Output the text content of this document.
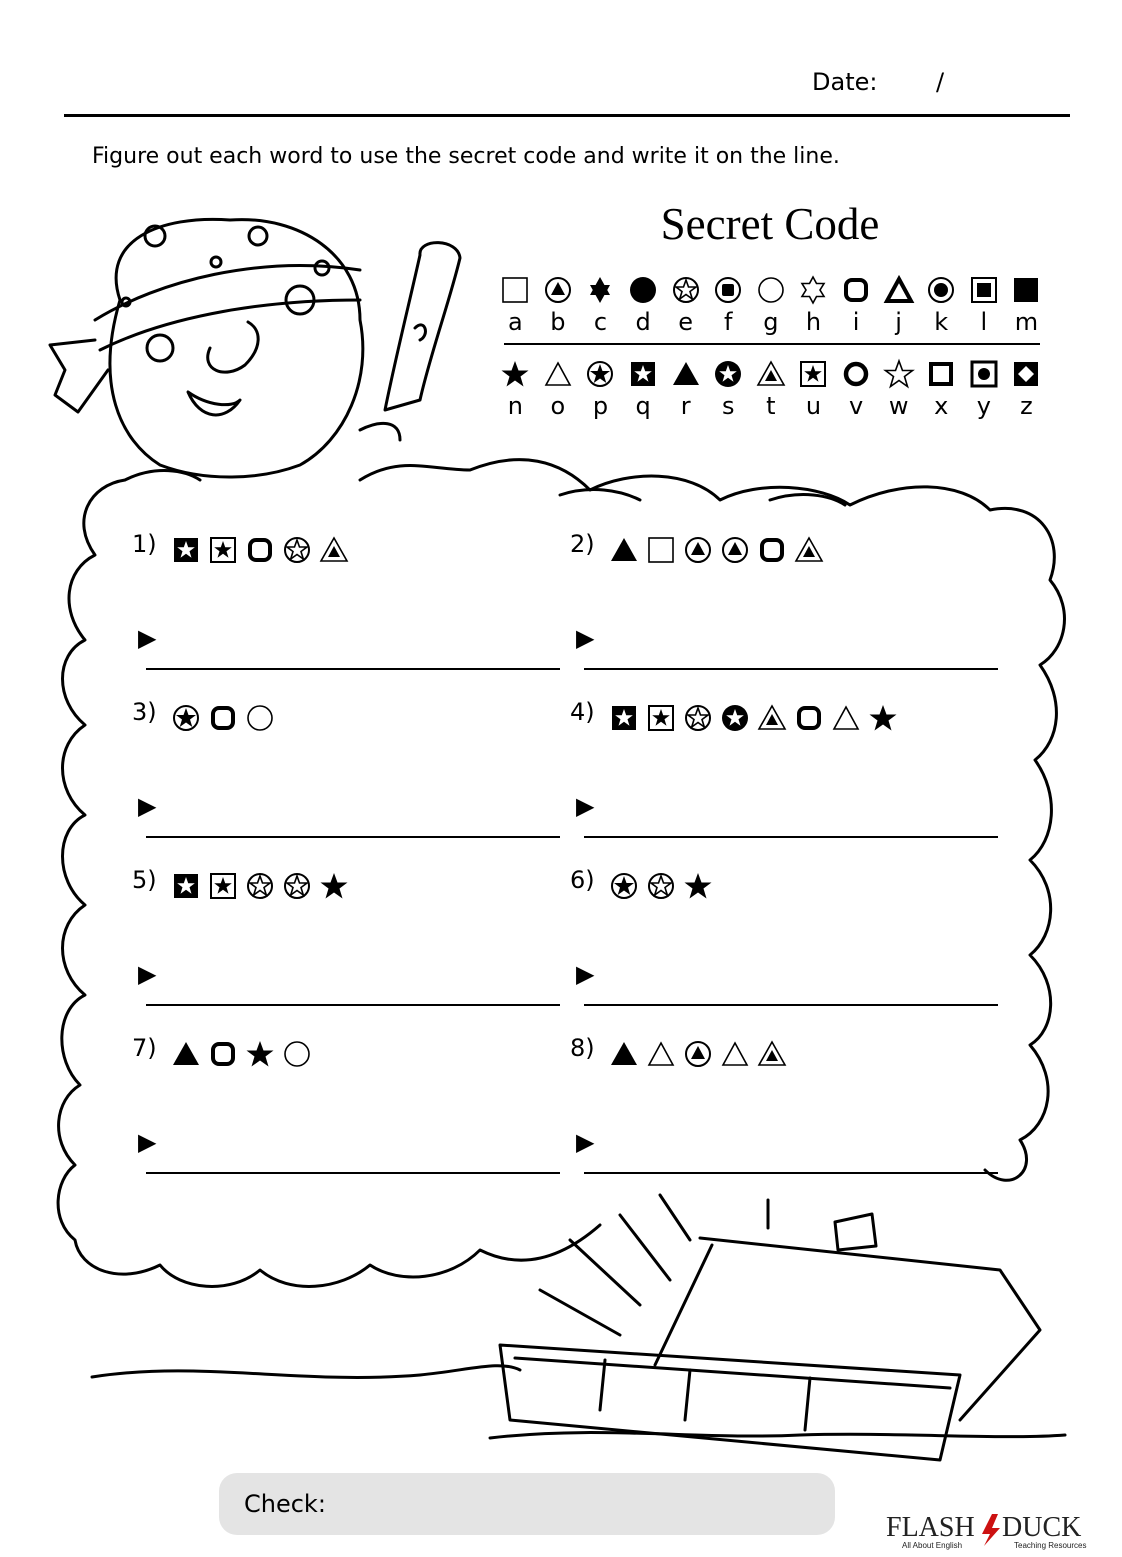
Date: /
Figure out each word to use the secret code and write it on the line.
Secret Code
a b c d e f g h i j k l m
n o p q r s t u v w x y z
1)
▶
2)
▶
3)
▶
4)
▶
5)
▶
6)
▶
7)
▶
8)
▶
Check:
FLASH DUCK
All About English	Teaching Resources
